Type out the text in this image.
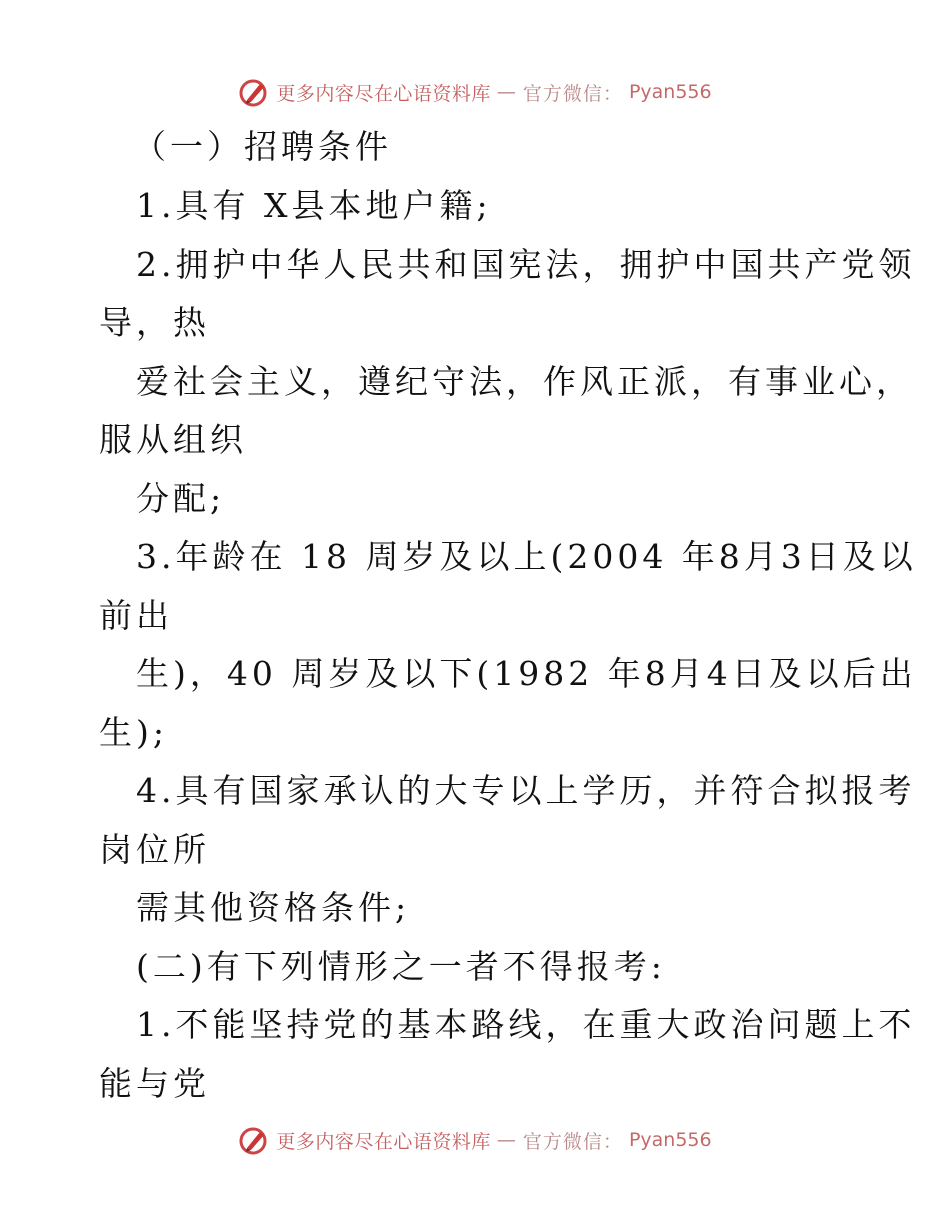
更多内容尽在心语资料库 — 官方微信： Pyan556
（一）招聘条件
1.具有 X县本地户籍;
2.拥护中华人民共和国宪法，拥护中国共产党领
导，热
爱社会主义，遵纪守法，作风正派，有事业心，
服从组织
分配;
3.年龄在 18 周岁及以上(2004 年8月3日及以
前出
生)，40 周岁及以下(1982 年8月4日及以后出
生);
4.具有国家承认的大专以上学历，并符合拟报考
岗位所
需其他资格条件;
(二)有下列情形之一者不得报考:
1.不能坚持党的基本路线，在重大政治问题上不
能与党
更多内容尽在心语资料库 — 官方微信： Pyan556
